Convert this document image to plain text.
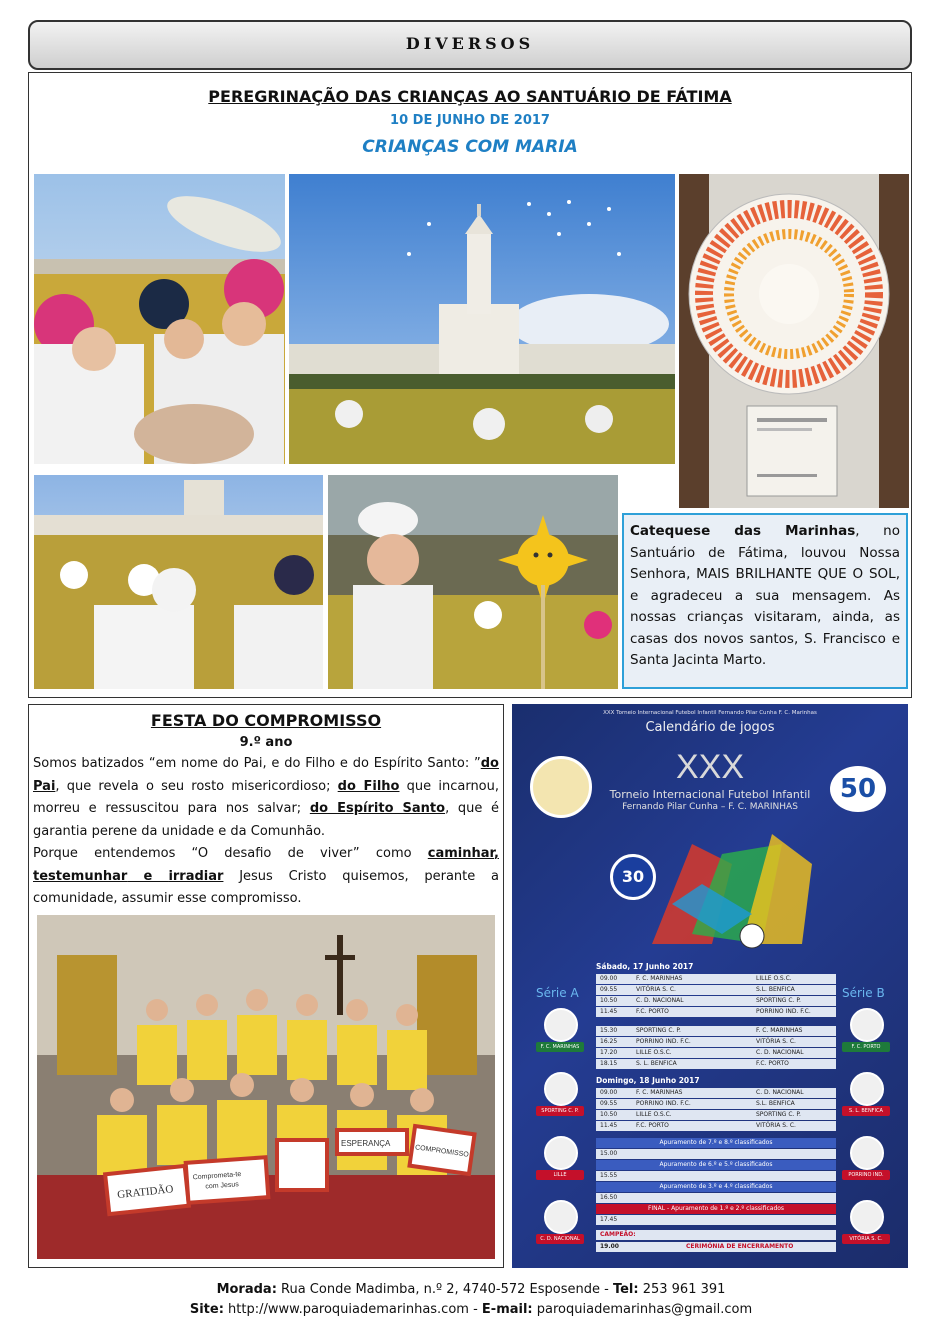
DIVERSOS
PEREGRINAÇÃO DAS CRIANÇAS AO SANTUÁRIO DE FÁTIMA
10 DE JUNHO DE 2017
CRIANÇAS COM MARIA
Catequese das Marinhas, no Santuário de Fátima, louvou Nossa Senhora, MAIS BRILHANTE QUE O SOL, e agradeceu a sua mensagem. As nossas crianças visitaram, ainda, as casas dos novos santos, S. Francisco e Santa Jacinta Marto.
FESTA DO COMPROMISSO
9.º ano
Somos batizados “em nome do Pai, e do Filho e do Espírito Santo: ”do Pai, que revela o seu rosto misericordioso; do Filho que incarnou, morreu e ressuscitou para nos salvar; do Espírito Santo, que é garantia perene da unidade e da Comunhão.
Porque entendemos “O desafio de viver” como caminhar, testemunhar e irradiar Jesus Cristo quisemos, perante a comunidade, assumir esse compromisso.
GRATIDÃO
Comprometa-te
com Jesus
ESPERANÇA
COMPROMISSO
XXX Torneio Internacional Futebol Infantil Fernando Pilar Cunha F. C. Marinhas
Calendário de jogos
XXX
Torneio Internacional Futebol Infantil
Fernando Pilar Cunha – F. C. MARINHAS
50
30
Série A	Série B
Sábado, 17 Junho 2017
Domingo, 18 Junho 2017
09.00	F. C. MARINHAS	LILLE O.S.C.
09.55	VITÓRIA S. C.	S.L. BENFICA
10.50	C. D. NACIONAL	SPORTING C. P.
11.45	F.C. PORTO	PORRINO IND. F.C.
15.30	SPORTING C. P.	F. C. MARINHAS
16.25	PORRINO IND. F.C.	VITÓRIA S. C.
17.20	LILLE O.S.C.	C. D. NACIONAL
18.15	S. L. BENFICA	F.C. PORTO
09.00	F. C. MARINHAS	C. D. NACIONAL
09.55	PORRINO IND. F.C.	S.L. BENFICA
10.50	LILLE O.S.C.	SPORTING C. P.
11.45	F.C. PORTO	VITÓRIA S. C.
Apuramento de 7.º e 8.º classificados
15.00
Apuramento de 6.º e 5.º classificados
15.55
Apuramento de 3.º e 4.º classificados
16.50
FINAL - Apuramento de 1.º e 2.º classificados
17.45
CAMPEÃO:
19.00	CERIMÓNIA DE ENCERRAMENTO
F. C. MARINHAS
SPORTING C. P.
LILLE
C. D. NACIONAL
F. C. PORTO
S. L. BENFICA
PORRINO IND.
VITÓRIA S. C.
Morada: Rua Conde Madimba, n.º 2, 4740-572 Esposende - Tel: 253 961 391
Site: http://www.paroquiademarinhas.com - E-mail: paroquiademarinhas@gmail.com
